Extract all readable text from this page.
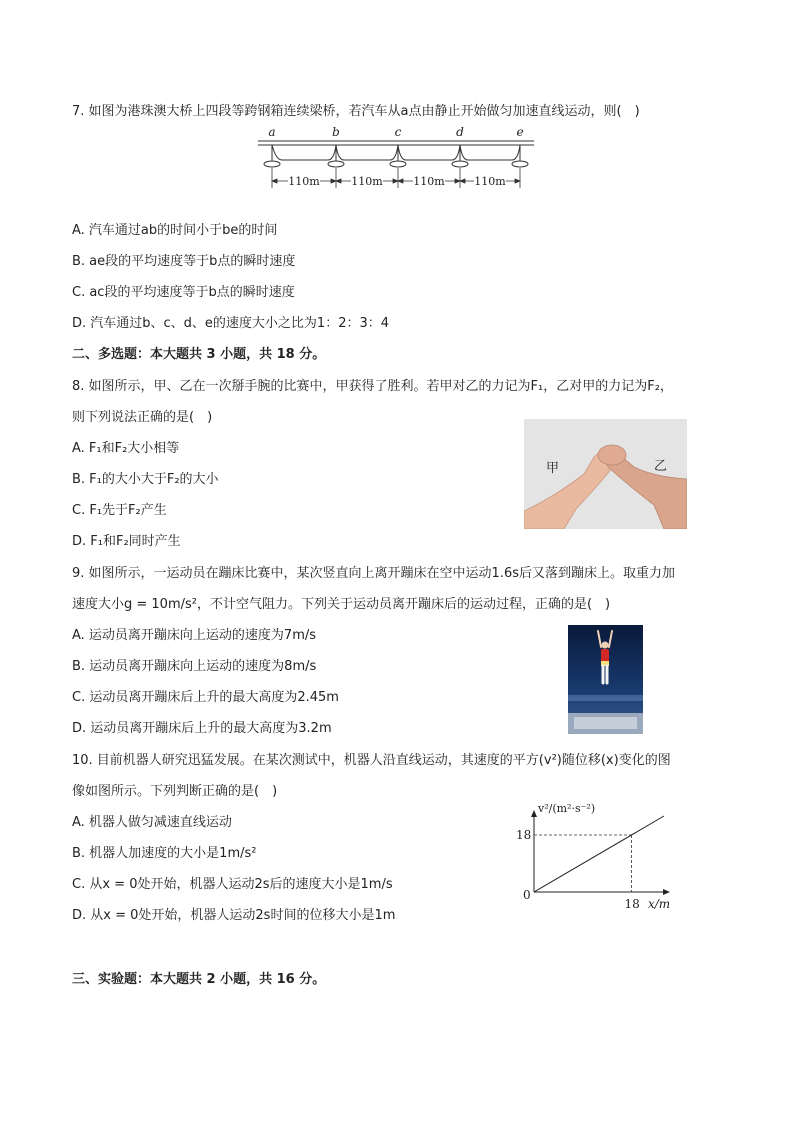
7. 如图为港珠澳大桥上四段等跨钢箱连续梁桥，若汽车从a点由静止开始做匀加速直线运动，则(　)
a	b	c	d	e
110m	110m	110m	110m
A. 汽车通过ab的时间小于be的时间
B. ae段的平均速度等于b点的瞬时速度
C. ac段的平均速度等于b点的瞬时速度
D. 汽车通过b、c、d、e的速度大小之比为1：2：3：4
二、多选题：本大题共 3 小题，共 18 分。
8. 如图所示，甲、乙在一次掰手腕的比赛中，甲获得了胜利。若甲对乙的力记为F₁，乙对甲的力记为F₂，
则下列说法正确的是(　)
甲	乙
A. F₁和F₂大小相等
B. F₁的大小大于F₂的大小
C. F₁先于F₂产生
D. F₁和F₂同时产生
9. 如图所示，一运动员在蹦床比赛中，某次竖直向上离开蹦床在空中运动1.6s后又落到蹦床上。取重力加
速度大小g = 10m/s²，不计空气阻力。下列关于运动员离开蹦床后的运动过程，正确的是(　)
A. 运动员离开蹦床向上运动的速度为7m/s
B. 运动员离开蹦床向上运动的速度为8m/s
C. 运动员离开蹦床后上升的最大高度为2.45m
D. 运动员离开蹦床后上升的最大高度为3.2m
10. 目前机器人研究迅猛发展。在某次测试中，机器人沿直线运动，其速度的平方(v²)随位移(x)变化的图
像如图所示。下列判断正确的是(　)
A. 机器人做匀减速直线运动
B. 机器人加速度的大小是1m/s²
C. 从x = 0处开始，机器人运动2s后的速度大小是1m/s
D. 从x = 0处开始，机器人运动2s时间的位移大小是1m
v²/(m²·s⁻²)
x/m
0
18
18
三、实验题：本大题共 2 小题，共 16 分。
